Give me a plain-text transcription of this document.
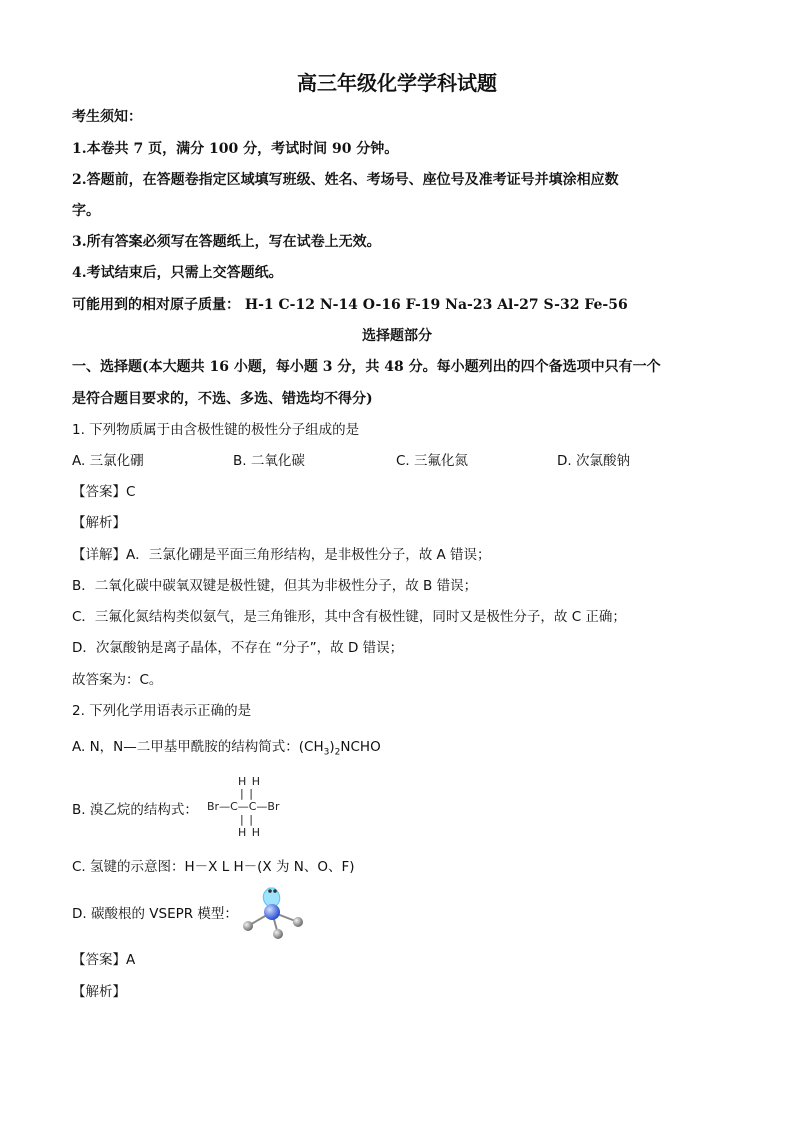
高三年级化学学科试题
考生须知：
1.本卷共 7 页，满分 100 分，考试时间 90 分钟。
2.答题前，在答题卷指定区域填写班级、姓名、考场号、座位号及准考证号并填涂相应数
字。
3.所有答案必须写在答题纸上，写在试卷上无效。
4.考试结束后，只需上交答题纸。
可能用到的相对原子质量： H-1 C-12 N-14 O-16 F-19 Na-23 Al-27 S-32 Fe-56
选择题部分
一、选择题(本大题共 16 小题，每小题 3 分，共 48 分。每小题列出的四个备选项中只有一个
是符合题目要求的，不选、多选、错选均不得分)
1. 下列物质属于由含极性键的极性分子组成的是
A. 三氯化硼	B. 二氧化碳	C. 三氟化氮	D. 次氯酸钠
【答案】C
【解析】
【详解】A．三氯化硼是平面三角形结构，是非极性分子，故 A 错误；
B．二氧化碳中碳氧双键是极性键，但其为非极性分子，故 B 错误；
C．三氟化氮结构类似氨气，是三角锥形，其中含有极性键，同时又是极性分子，故 C 正确；
D．次氯酸钠是离子晶体，不存在 “分子”，故 D 错误；
故答案为：C。
2. 下列化学用语表示正确的是
A. N，N—二甲基甲酰胺的结构简式：$(CH_3)_2NCHO$
B. 溴乙烷的结构式：
H H
| |
Br—C—C—Br
| |
H H
C. 氢键的示意图：H－X L H－(X 为 N、O、F)
D. 碳酸根的 VSEPR 模型：
【答案】A
【解析】
